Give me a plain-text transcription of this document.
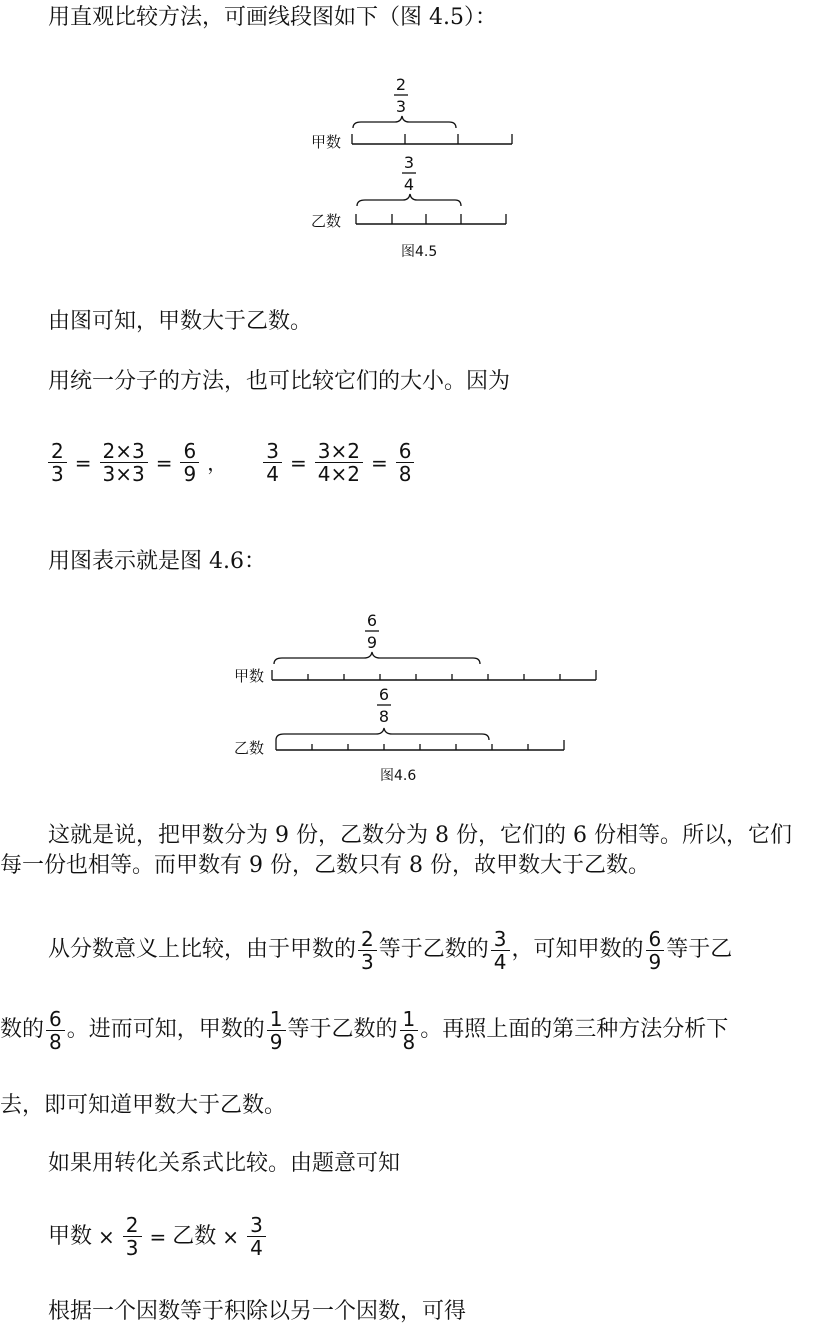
用直观比较方法，可画线段图如下（图 4.5）：
2
3
甲数
3
4
乙数
图4.5
由图可知，甲数大于乙数。
用统一分子的方法，也可比较它们的大小。因为
$\frac{2}{3} = \frac{2\times 3}{3\times 3} = \frac{6}{9}$ ， $\frac{3}{4} = \frac{3\times 2}{4\times 2} = \frac{6}{8}$
用图表示就是图 4.6：
6
9
甲数
6
8
乙数
图4.6
这就是说，把甲数分为 9 份，乙数分为 8 份，它们的 6 份相等。所以，它们
每一份也相等。而甲数有 9 份，乙数只有 8 份，故甲数大于乙数。
从分数意义上比较，由于甲数的 $\frac{2}{3}$ 等于乙数的 $\frac{3}{4}$ ，可知甲数的 $\frac{6}{9}$ 等于乙
数的 $\frac{6}{8}$ 。进而可知，甲数的 $\frac{1}{9}$ 等于乙数的 $\frac{1}{8}$ 。再照上面的第三种方法分析下
去，即可知道甲数大于乙数。
如果用转化关系式比较。由题意可知
甲数 × $\frac{2}{3}$ = 乙数 × $\frac{3}{4}$
根据一个因数等于积除以另一个因数，可得
